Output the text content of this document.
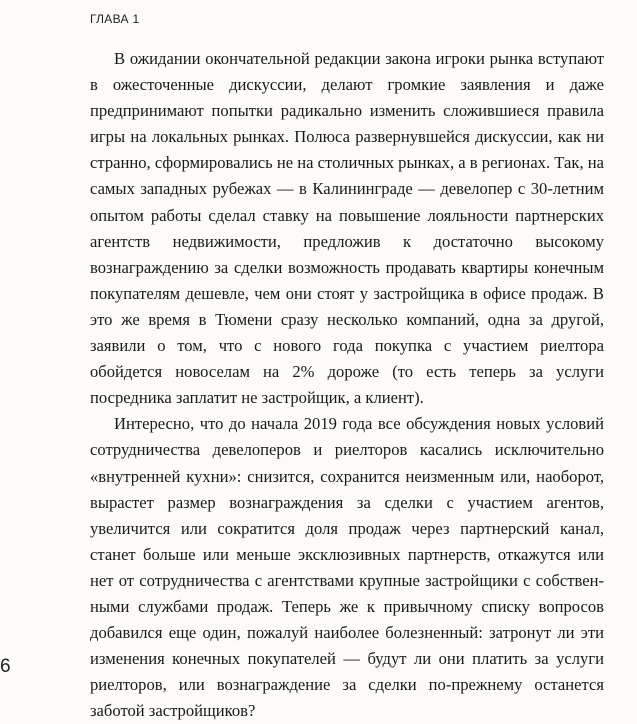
ГЛАВА 1

В ожидании окончательной редакции закона игроки рынка вступают в ожесточенные дискуссии, делают громкие заявления и даже предпринимают попытки радикально изменить сложившиеся правила игры на локальных рынках. Полюса развернувшейся дискуссии, как ни странно, сформировались не на столичных рынках, а в регионах. Так, на самых западных рубежах — в Калининграде — девелопер с 30-летним опытом работы сделал ставку на повышение лояльности партнерских агентств недвижимости, предложив к достаточно высокому вознаграждению за сделки возможность продавать квартиры конечным покупателям дешевле, чем они стоят у застройщика в офисе продаж. В это же время в Тюмени сразу несколько компаний, одна за другой, заявили о том, что с нового года покупка с участием риелтора обойдется новоселам на 2% дороже (то есть теперь за услуги посредника заплатит не застройщик, а клиент).

Интересно, что до начала 2019 года все обсуждения новых условий сотрудничества девелоперов и риелторов касались исключительно «внутренней кухни»: снизится, сохранится неизменным или, наоборот, вырастет размер вознаграждения за сделки с участием агентов, увеличится или сократится доля продаж через партнерский канал, станет больше или меньше эксклюзивных партнерств, откажутся или нет от сотрудничества с агентствами крупные застройщики с собственными службами продаж. Теперь же к привычному списку вопросов добавился еще один, пожалуй наиболее болезненный: затронут ли эти изменения конечных покупателей — будут ли они платить за услуги риелторов, или вознаграждение за сделки по-прежнему останется заботой застройщиков?

6
